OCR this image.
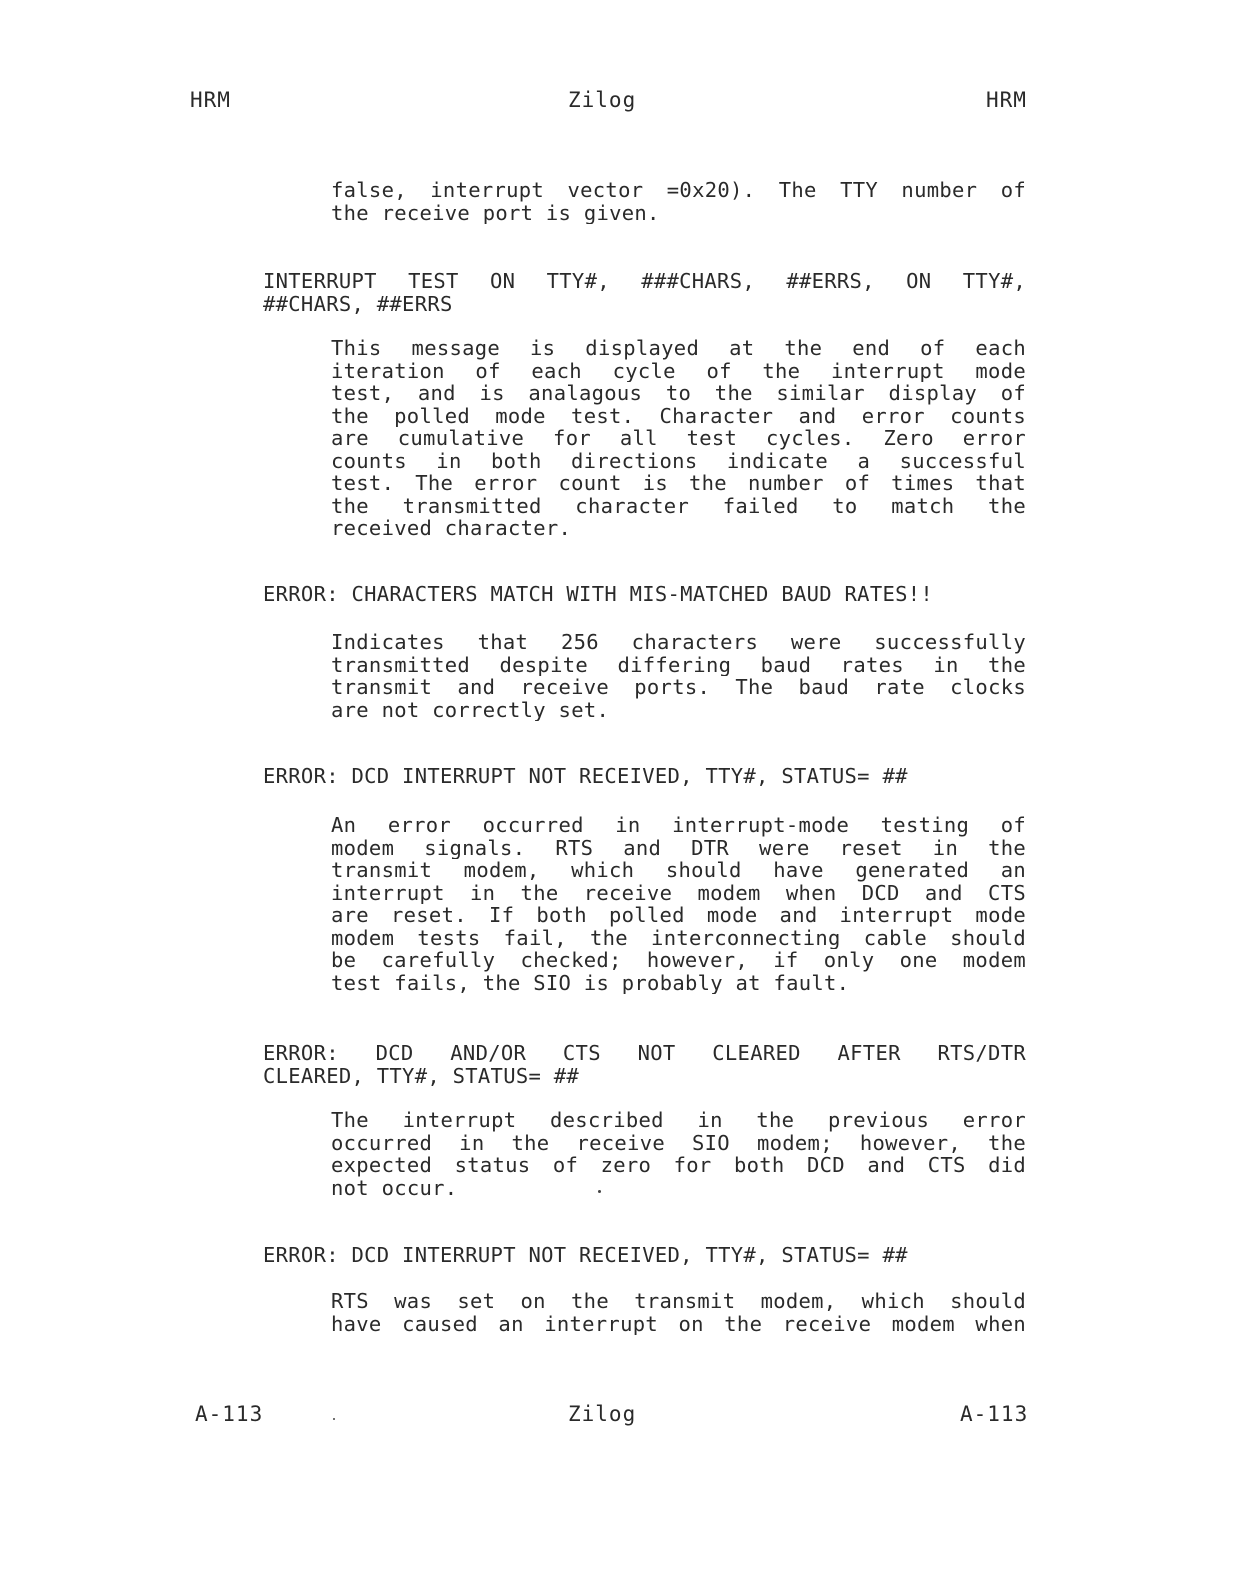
HRM	Zilog	HRM
false, interrupt vector =0x20). The TTY number of
the receive port is given.
INTERRUPT TEST ON TTY#, ###CHARS, ##ERRS, ON TTY#,
##CHARS, ##ERRS
This message is displayed at the end of each
iteration of each cycle of the interrupt mode
test, and is analagous to the similar display of
the polled mode test. Character and error counts
are cumulative for all test cycles. Zero error
counts in both directions indicate a successful
test. The error count is the number of times that
the transmitted character failed to match the
received character.
ERROR: CHARACTERS MATCH WITH MIS-MATCHED BAUD RATES!!
Indicates that 256 characters were successfully
transmitted despite differing baud rates in the
transmit and receive ports. The baud rate clocks
are not correctly set.
ERROR: DCD INTERRUPT NOT RECEIVED, TTY#, STATUS= ##
An error occurred in interrupt-mode testing of
modem signals. RTS and DTR were reset in the
transmit modem, which should have generated an
interrupt in the receive modem when DCD and CTS
are reset. If both polled mode and interrupt mode
modem tests fail, the interconnecting cable should
be carefully checked; however, if only one modem
test fails, the SIO is probably at fault.
ERROR: DCD AND/OR CTS NOT CLEARED AFTER RTS/DTR
CLEARED, TTY#, STATUS= ##
The interrupt described in the previous error
occurred in the receive SIO modem; however, the
expected status of zero for both DCD and CTS did
not occur.
ERROR: DCD INTERRUPT NOT RECEIVED, TTY#, STATUS= ##
RTS was set on the transmit modem, which should
have caused an interrupt on the receive modem when
A-113	Zilog	A-113
